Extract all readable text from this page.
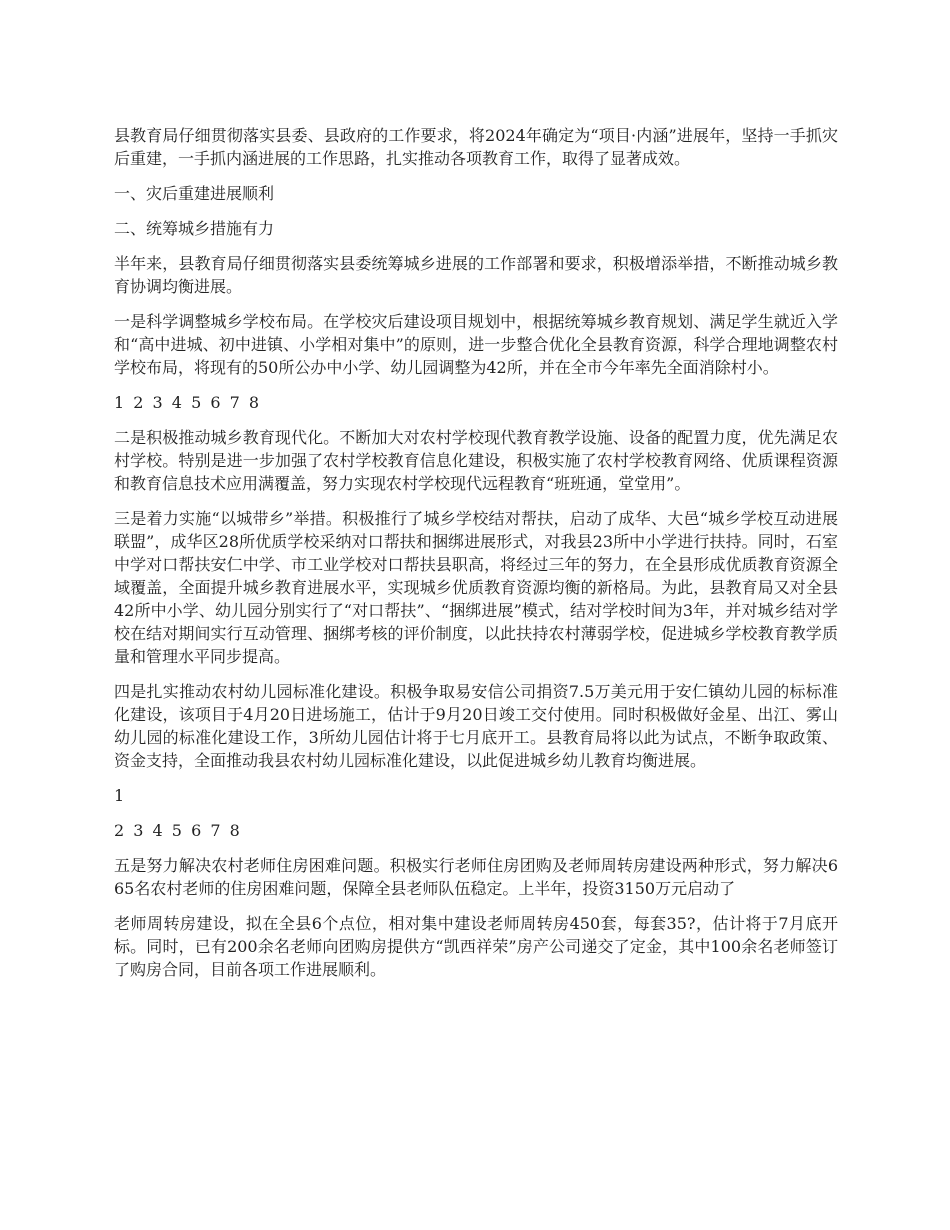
县教育局仔细贯彻落实县委、县政府的工作要求，将2024年确定为“项目·内涵”进展年，坚持一手抓灾后重建，一手抓内涵进展的工作思路，扎实推动各项教育工作，取得了显著成效。

一、灾后重建进展顺利

二、统筹城乡措施有力

半年来，县教育局仔细贯彻落实县委统筹城乡进展的工作部署和要求，积极增添举措，不断推动城乡教育协调均衡进展。

一是科学调整城乡学校布局。在学校灾后建设项目规划中，根据统筹城乡教育规划、满足学生就近入学和“高中进城、初中进镇、小学相对集中”的原则，进一步整合优化全县教育资源，科学合理地调整农村学校布局，将现有的50所公办中小学、幼儿园调整为42所，并在全市今年率先全面消除村小。

1 2 3 4 5 6 7 8

二是积极推动城乡教育现代化。不断加大对农村学校现代教育教学设施、设备的配置力度，优先满足农村学校。特别是进一步加强了农村学校教育信息化建设，积极实施了农村学校教育网络、优质课程资源和教育信息技术应用满覆盖，努力实现农村学校现代远程教育“班班通，堂堂用”。

三是着力实施“以城带乡”举措。积极推行了城乡学校结对帮扶，启动了成华、大邑“城乡学校互动进展联盟”，成华区28所优质学校采纳对口帮扶和捆绑进展形式，对我县23所中小学进行扶持。同时，石室中学对口帮扶安仁中学、市工业学校对口帮扶县职高，将经过三年的努力，在全县形成优质教育资源全域覆盖，全面提升城乡教育进展水平，实现城乡优质教育资源均衡的新格局。为此，县教育局又对全县42所中小学、幼儿园分别实行了“对口帮扶”、“捆绑进展”模式，结对学校时间为3年，并对城乡结对学校在结对期间实行互动管理、捆绑考核的评价制度，以此扶持农村薄弱学校，促进城乡学校教育教学质量和管理水平同步提高。

四是扎实推动农村幼儿园标准化建设。积极争取易安信公司捐资7.5万美元用于安仁镇幼儿园的标标准化建设，该项目于4月20日进场施工，估计于9月20日竣工交付使用。同时积极做好金星、出江、雾山幼儿园的标准化建设工作，3所幼儿园估计将于七月底开工。县教育局将以此为试点，不断争取政策、资金支持，全面推动我县农村幼儿园标准化建设，以此促进城乡幼儿教育均衡进展。

1

2 3 4 5 6 7 8

五是努力解决农村老师住房困难问题。积极实行老师住房团购及老师周转房建设两种形式，努力解决665名农村老师的住房困难问题，保障全县老师队伍稳定。上半年，投资3150万元启动了

老师周转房建设，拟在全县6个点位，相对集中建设老师周转房450套，每套35?，估计将于7月底开标。同时，已有200余名老师向团购房提供方“凯西祥荣”房产公司递交了定金，其中100余名老师签订了购房合同，目前各项工作进展顺利。
